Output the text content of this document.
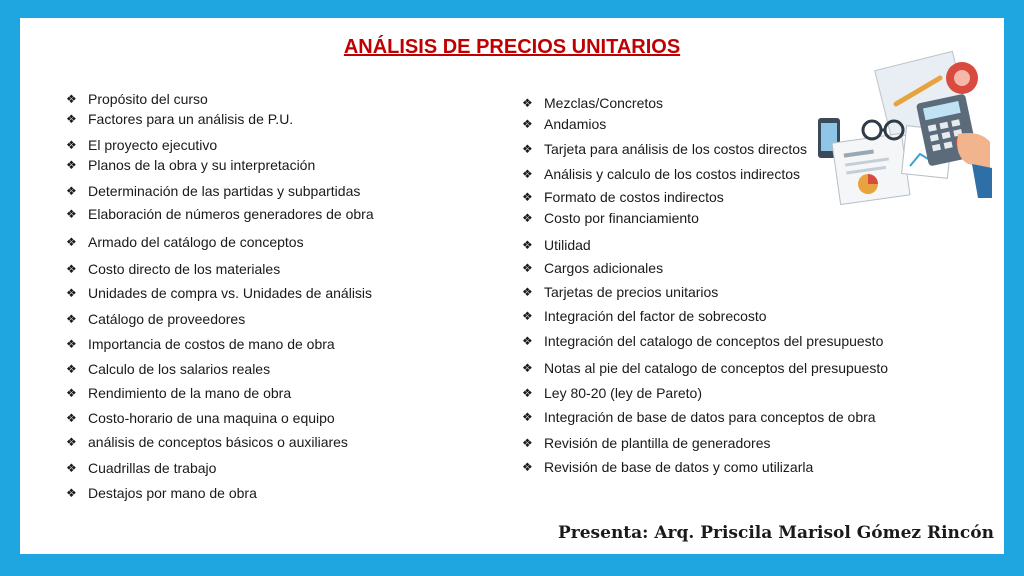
ANÁLISIS DE PRECIOS UNITARIOS
❖ Propósito del curso
❖ Factores para un análisis de P.U.
❖ El proyecto ejecutivo
❖ Planos de la obra y su interpretación
❖ Determinación de las partidas y subpartidas
❖ Elaboración de números generadores de obra
❖ Armado del catálogo de conceptos
❖ Costo directo de los materiales
❖ Unidades de compra vs. Unidades de análisis
❖ Catálogo de proveedores
❖ Importancia de costos de mano de obra
❖ Calculo de los salarios reales
❖ Rendimiento de la mano de obra
❖ Costo-horario de una maquina o equipo
❖ análisis de conceptos básicos o auxiliares
❖ Cuadrillas de trabajo
❖ Destajos por mano de obra
❖ Mezclas/Concretos
❖ Andamios
❖ Tarjeta para análisis de los costos directos
❖ Análisis y calculo de los costos indirectos
❖ Formato de costos indirectos
❖ Costo por financiamiento
❖ Utilidad
❖ Cargos adicionales
❖ Tarjetas de precios unitarios
❖ Integración del factor de sobrecosto
❖ Integración del catalogo de conceptos del presupuesto
❖ Notas al pie del catalogo de conceptos del presupuesto
❖ Ley 80-20 (ley de Pareto)
❖ Integración de base de datos para conceptos de obra
❖ Revisión de plantilla de generadores
❖ Revisión de base de datos y como utilizarla
Presenta: Arq. Priscila Marisol Gómez Rincón
